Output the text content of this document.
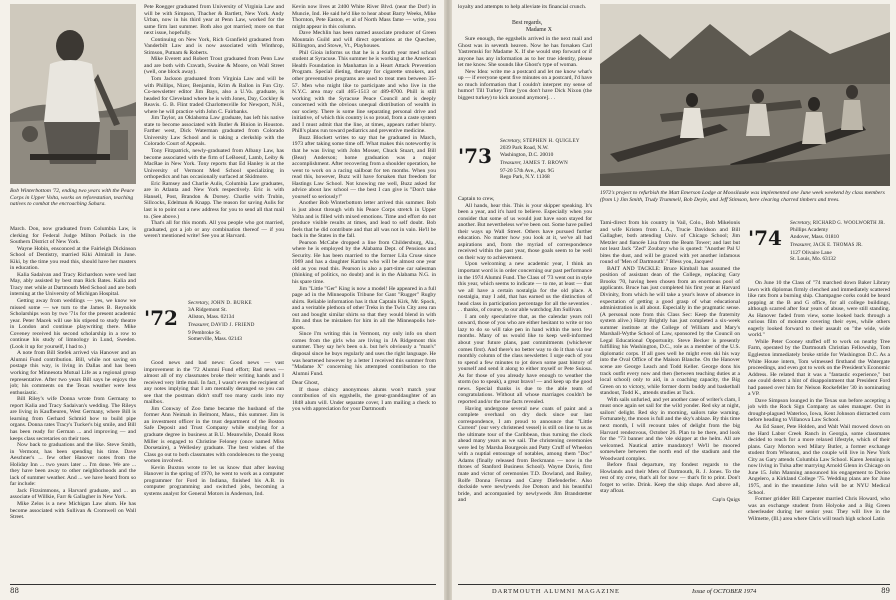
Bob Winterbottom '72, ending two years with the Peace Corps in Upper Volta, works on reforestation, teaching natives to combat the encroaching Sahara.

March. Don, now graduated from Columbia Law, is clerking for Federal Judge Milton Pollack in the Southern District of New York.

Wayne Hobin, ensconced at the Fairleigh Dickinson School of Dentistry, married Kiki Almirall in June. Kiki, by the time you read this, should have her masters in education.

Kalia Sadaivan and Tracy Richardson were wed last May, ably assisted by best man Rick Bates. Kalia and Tracy met while at Dartmouth Med School and are both interning at the University of Michigan Hospital.

Getting away from weddings — yes, we know we missed some — we turn to the James B. Reynolds Scholarships won by two '71s for the present academic year. Peter Macek will use his stipend to study theatre in London and continue playwriting there. Mike Coveney received his second scholarship in a row to continue his study of limnology in Lund, Sweden. (Look it up for yourself, I had to.)

A note from Bill Stefek arrived via Hanover and an Alumni Fund contribution. Bill, while not saving on postage this way, is living in Dallas and has been working for Minnesota Mutual Life as a regional group representative. After two years Bill says he enjoys the job; his comments on the Texas weather were less enthusiastic.

Bill Riley's wife Donna wrote from Germany to report Kalia and Tracy Sadaivan's wedding. The Rileys are living in Kaufbeuren, West Germany, where Bill is learning from Gerhard Schmid how to build pipe organs. Donna rates Tracy's Tucker's big smile, and Bill has been ready for German ... and improving — and keeps class secretaries on their toes.

Now back to graduations and the like. Steve Smith, in Vermont, has been spending his time. Dave Aeschner's ... few other Hanover notes from the Holiday Inn ... two years later ... I'm done. We are ... they have been away to other neighborhoods and the lack of summer weather. And ... we have heard from so far include:

Jack Fitzsimmons, a Harvard graduate, and ... an associate of Willkie, Farr & Gallagher in New York.

Mike Zelos is a new Michigan Law alum. He has become associated with Sullivan & Cromwell on Wall Street.

Pete Roegger graduated from University of Virginia Law and will be with Simpson, Thacher & Bartlett, New York. Andy Urban, now in his third year at Penn Law, worked for the same firm last summer. Both also got married; more on that next issue, hopefully.

Continuing on New York, Rich Granfield graduated from Vanderbilt Law and is now associated with Winthrop, Stimson, Putnam & Roberts.

Mike Everett and Robert Trout graduated from Penn Law and are both with Cravath, Swaine & Moore, on Wall Street (well, one block away).

Tom Jackson graduated from Virginia Law and will be with Phillips, Nizer, Benjamin, Krim & Ballon in Fun City. Co-newsletter editor Jim Bays, also a U.Va. graduate, is headed for Cleveland where he is with Jones, Day, Cockley & Reavis. G. B. Flint traded Charlottesville for Newport, N.H., where he will practice with John C. Fairbanks.

Jim Taylor, an Oklahoma Law graduate, has left his native state to become associated with Butler & Binion in Houston. Farther west, Dick Waterman graduated from Colorado University Law School and is taking a clerkship with the Colorado Court of Appeals.

Tony Fitzpatrick, newly-graduated from Albany Law, has become associated with the firm of LeBoeuf, Lamb, Leiby & MacRae in New York. Tony reports that Ed Hanley is at the University of Vermont Med School specializing in orthopedics and has occasionally surfaced at Skidmore.

Eric Ramsey and Charlie Aulis, Columbia Law graduates, are in Atlanta and New York respectively. Eric is with Hansell, Post, Brandon & Dorsey. Charlie with Trubin, Sillcocks, Edelman & Knapp. The reason for saving Aulis for last is to point out a new address for you to send all that mail to. (See above.)

That's all for this month. All you people who got married, graduated, got a job or any combination thereof — if you weren't mentioned write! See you at Harvard.

'72
Secretary, JOHN D. BURKE
3A Ridgemont St.
Allston, Mass. 02134
Treasurer, DAVID J. FRIEND
9 Pembroke St.
Somerville, Mass. 02143

Good news and bad news: Good news — vast improvement in the '72 Alumni Fund effort; Bad news — almost all of my classmates broke their writing hands and I received very little mail. In fact, I wasn't even the recipient of any notes implying that I am mentally deranged so you can see that the postman didn't stuff too many cards into my mailbox.

Jim Conway of Zoo fame became the husband of the former Ann Neimah in Belmont, Mass., this summer. Jim is an investment officer in the trust department of the Boston Safe Deposit and Trust Company while studying for a graduate degree in business at B.U. Meanwhile, Donald Ross Miller is engaged to Christine Feloney (once named Miss Dorsetaire), a Wellesley graduate. The best wishes of the Class go out to both classmates with condolences to the young women involved.

Kevin Buxton wrote to let us know that after leaving Hanover in the spring of 1970, he went to work as a computer programmer for Ford in Indiana, finished his A.B. in computer programming and switched jobs, becoming a systems analyst for General Motors in Anderson, Ind.

Kevin now lives at 2400 White River Blvd. (near the Dot!) in Muncie, Ind. He said he'd like to hear about Barry Weeks, Mike Thornton, Pete Easton, et al of North Mass fame — write, you might appear in this column.

Dave Mechlin has been named associate producer of Green Mountain Guild and will direct operations at the Quechee, Killington, and Stowe, Vt., Playhouses.

Phil Gioia informs us that he is a fourth year med school student at Syracuse. This summer he is working at the American Health Foundation in Manhattan in a Heart Attack Prevention Program. Special dieting, therapy for cigarette smokers, and other preventative programs are used to treat men between 35-57. Men who might like to participate and who live in the N.Y.C. area may call 465-1513 or 489-8700. Phill is still working with the Syracuse Peace Council and is deeply concerned with the obvious unequal distribution of wealth in our society. There is some line separating personal drive and initiative, of which this country is so proud, from a caste system and I must admit that the line, at times, appears rather blurry. Phill's plans run toward pediatrics and preventive medicine.

Buzz Blockett writes to say that he graduated in March, 1973 after taking some time off. What makes this noteworthy is that he was living with John Mosser, Chuck Stuart, and Bill (Bear) Anderson; home graduation was a major accomplishment. After recovering from a shoulder operation, he went to work on a racing sailboat for ten months. When you read this, however, Buzz will have forsaken that freedom for Hastings Law School. Not knowing me well, Buzz asked for advice about law school — the best I can give is "Don't take yourself so seriously!"

Another Bob Winterbottom letter arrived this summer. Bob is just about through with his Peace Corps stretch in Upper Volta and is filled with mixed emotions. Time and effort do not produce visible results at times, and lead to self doubt. Bob feels that he did contribute and that all was not in vain. He'll be back in the States in the fall.

Pearson McCabe dropped a line from Childersburg, Ala., where he is employed by the Alabama Dept. of Pensions and Security. He has been married to the former Lila Cruse since 1969 and has a daughter Katrina who will be almost one year old as you read this. Pearson is also a part-time car salesman (thinking of politics, no doubt) and is in the Alabama N.G. in his spare time.

Jim "Little "Ger" King is now a model! He appeared in a full page ad in the Minneapolis Tribune for Gant "Rugger" Rugby shirts. Reliable information has it that Captain Kirk, Mr. Spock, and a veritable plethora of other Treks in the Twin City area ran out and bought similar shirts so that they would blend in with Jim and thus be mistaken for him in all the Minneapolis hot-spots.

Since I'm writing this in Vermont, my only info on short comes from the girls who are living in JA Ridgemont this summer. They say he's been o.k. but he's obviously a "man's" disposal since he buys regularly and uses the right language. He was heartened however by a letter I received this summer from "Madame X" concerning his attempted contribution to the Alumni Fund.

Dear Ghost,

If those chincy anonymous alums won't match your contribution of six eggshells, the great-granddaughter of an 1848 alum will. Under separate cover, I am mailing a check to you with appreciation for your Dartmouth

88

loyalty and attempts to help alleviate its financial crunch.

Best regards,
Madame X

Sure enough, the eggshells arrived in the next mail and Ghost was in seventh heaven. Now he has forsaken Carl Yastremski for Madame X. If she would step forward or if anyone has any information as to her true identity, please let me know. She sounds like Ghost's type of woman.

New Idea: write me a postcard and let me know what's up — if everyone spent five minutes on a postcard, I'd have so much information that I couldn't interpret my sense of humor! Till Turkey Time [you don't have Dick Nixon (the biggest turkey) to kick around anymore]. . .

'73
Secretary, STEPHEN H. QUIGLEY
2039 Park Road, N.W.
Washington, D.C. 20010
Treasurer, JAMES T. BROWN
97-20 57th Ave., Apt. 9G
Rego Park, N.Y. 11368

Captain to crew,

All hands, hear this. This is your skipper speaking. It's been a year, and it's hard to believe. Especially when you consider that some of us would just have soon stayed for another. But nevertheless we've been out. Some have pulled their ways up Wall Street. Others have pursued further education. No matter how you look at it, we've all had aspirations and, from the myriad of correspondence received within the past year, those goals seem to be well on their way to achievement.

Upon welcoming a new academic year, I think an important word is in order concerning our past performance in the 1974 Alumni Fund. The Class of '73 went out in style this year, which seems to indicate — to me, at least — that we all have a certain nostalgia for the old place. A nostalgia, may I add, that has earned us the distinction of head class in participation percentage for all the seventies . . . thanks, of course, to our able watchdog Jim Sullivan.

I am only speculative that, as the calendar years roll onward, those of you who are either hesitant to write or too lazy to do so will take pen in hand within the next few months. Many of us would like to keep well-informed about your future plans, past commitments (whichever comes first). And there's no better way to do it than via our monthly column of the class newsletter. I urge each of you to spend a few minutes to jot down some past history of yourself and send it along to either myself or Pete Suiosa. As for those of you already have enough to weather the storm (so to speak), a great bravo! — and keep up the good news. Special thanks is due to the able team of congratulations. Without all whose marriages couldn't be reported and/or the true facts revealed.

Having undergone several new coats of paint and a complete overhaul on dry dock since our last correspondence, I am proud to announce that "Little Current" (our very christened vessel) is still on line to us as the ultimate tour of the Caribbean, thus turning the clock ahead many years as we sail. The christening ceremonies were led by Marsha Bourgeois and Patty Cruff of Wheelon with a nuptial entourage of notables, among them "Doc" Adams (finally released from Beckmann — now in the throes of Stanford Business School). Wayne Davis, first mate and victor of ceremonies T.D. Dowland, and Bailey, Rolfe Donna Ferrara and Carey Diefenderfer. Also dockside were newlyweds Joe Dotson and his beautiful bride, and accompanied by newlyweds Jim Brandstetter and

1972's project to refurbish the Matt Emerson Lodge at Moosilauke was implemented one June week weekend by class members (from l.) Jim Smith, Trudy Trummell, Bob Deyle, and Jeff Stimson, here clearing charred timbers and trees.

Tami-direct from his country in Vail, Colo., Bob Mikelonis and wife Kristen from L.A., Trucie Davidson and Bill Gallagher, both attending Univ. of Chicago School; Jim Metzler and fiancée Lisa from the Beam Tower; and last but not least Jack "Zed" Zoubary who is quoted: "Another Pal U bites the dust, and will be graced with yet another infamous round of 'Men of Dartmouth'." Bless you, Jacques!

BAIT AND TACKLE: Bruce Kimball has assumed the position of assistant dean of the College, replacing Gary Brooks '70, having been chosen from an enormous pool of applicants. Bruce has just completed his first year at Harvard Divinity, from which he will take a year's leave of absence in expectation of getting a good grasp of what educational administration is all about. Especially in the pragmatic sense. (A personal note from this Class Sec: Keep the fraternity system alive.) Harry Brightly has just completed a six-week summer institute at the College of William and Mary's Marshall-Wythe School of Law, sponsored by the Council on Legal Educational Opportunity. Steve Becker is presently fulfilling his Washington, D.C., role as a member of the U.S. diplomatic corps. If all goes well he might even ski his way into the Oval Office of the Maison Blanche. On the Hanover scene are George Leach and Todd Keller. George dons his track outfit every now and then (between teaching duties at a local school) only to aid, in a coaching capacity, the Big Green on to victory, while former dorm buddy and basketball standout, Todd K., attends studies at Tuck.

With sails unfurled, and yet another case of writer's clam, I must once again set sail for the wild yonder. Red sky at night, sailors' delight. Red sky in morning, sailors take warning. Fortunately, the moon is full and the sky's ablaze. By this time next month, I will recount tales of delight from the big Harvard rendezvous, October 26. Plan to be there, and look for the "73 banner and the 'ole skipper at the helm. All are welcomed. Nautical attire mandatory! We'll be moored somewhere between the north end of the stadium and the Woodward complex.

Before final departure, my fondest regards to the Howlands and their Mets of Dartmouth, R. J. Jones. To the rest of my crew, that's all for now — that's fit to print. Don't forget to write. Drink. Keep the ship shape. And above all, stay afloat.

Cap'n Quigs

'74
Secretary, RICHARD G. WOOLWORTH JR.
Phillips Academy
Andover, Mass. 01810
Treasurer, JACK E. THOMAS JR.
1127 Olivaire Lane
St. Louis, Mo. 63132

On June 10 the Class of "74 marched down Baker Library lawn with diplomas firmly clenched and immediately scattered like rats from a burning ship. Champagne corks could be heard popping at the B and G office, for all college buildings, although scarred after four years of abuse, were still standing. As Hanover faded from view, some looked back through a curious film of moisture covering their eyes, while others eagerly looked forward to their assault on "the wide, wide world."

While Peter Cooney stuffed off to work on nearby Tree Farm, operated by the Dartmouth Christian Fellowship, Tom Eggleston immediately broke stride for Washington D.C. As a White House intern, Tom witnessed firsthand the Watergate proceedings, and even got to work on the President's Economic Address. He related that it was a "fantastic experience," but one could detect a hint of disappointment that President Ford had passed over him for Nelson Rockefeller '30 in nominating a VP.

Dave Simpson lounged in the Texas sun before accepting a job with the Rock Sign Company as sales manager. Out in drought-plagued Waterloo, Iowa, Kent Johnson distracted corn before heading to Villanova Law School.

As Ed Sauer, Pete Holden, and Walt Wail mowed down on the Hard Labor Creek Ranch in Georgia, some classmates decided to reach for a more relaxed lifestyle, which of their plans. Gary Morton wed Milary Butler, a former exchange student from Wheaton, and the couple will live in New York City as Gary attends Columbia Law School. Karen Jennings is now living in Tulsa after marrying Arnold Glenn in Chicago on June 15. John Manning announced his engagement to Doriso Angelero, a Kirkland College '75. Wedding plans are for June 1975, and in the meantime John will be at NYU Medical School.

Former gridder Bill Carpenter married Chris Howard, who was an exchange student from Holyoke and a Big Green cheerleader during her senior year. They will live in the Wilmette, (Ill.) area where Chris will teach high school Latin

DARTMOUTH ALUMNI MAGAZINE	Issue of OCTOBER 1974	89
